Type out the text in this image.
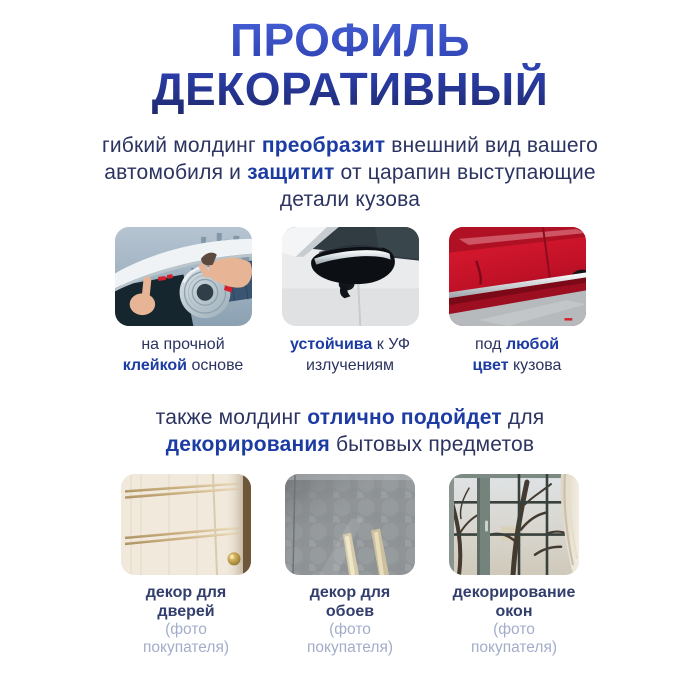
ПРОФИЛЬ
ДЕКОРАТИВНЫЙ

гибкий молдинг преобразит внешний вид вашего
автомобиля и защитит от царапин выступающие
детали кузова

на прочной
клейкой основе
устойчива к УФ
излучениям
под любой
цвет кузова

также молдинг отлично подойдет для
декорирования бытовых предметов

декор для дверей
(фото покупателя)
декор для обоев
(фото покупателя)
декорирование окон
(фото покупателя)
